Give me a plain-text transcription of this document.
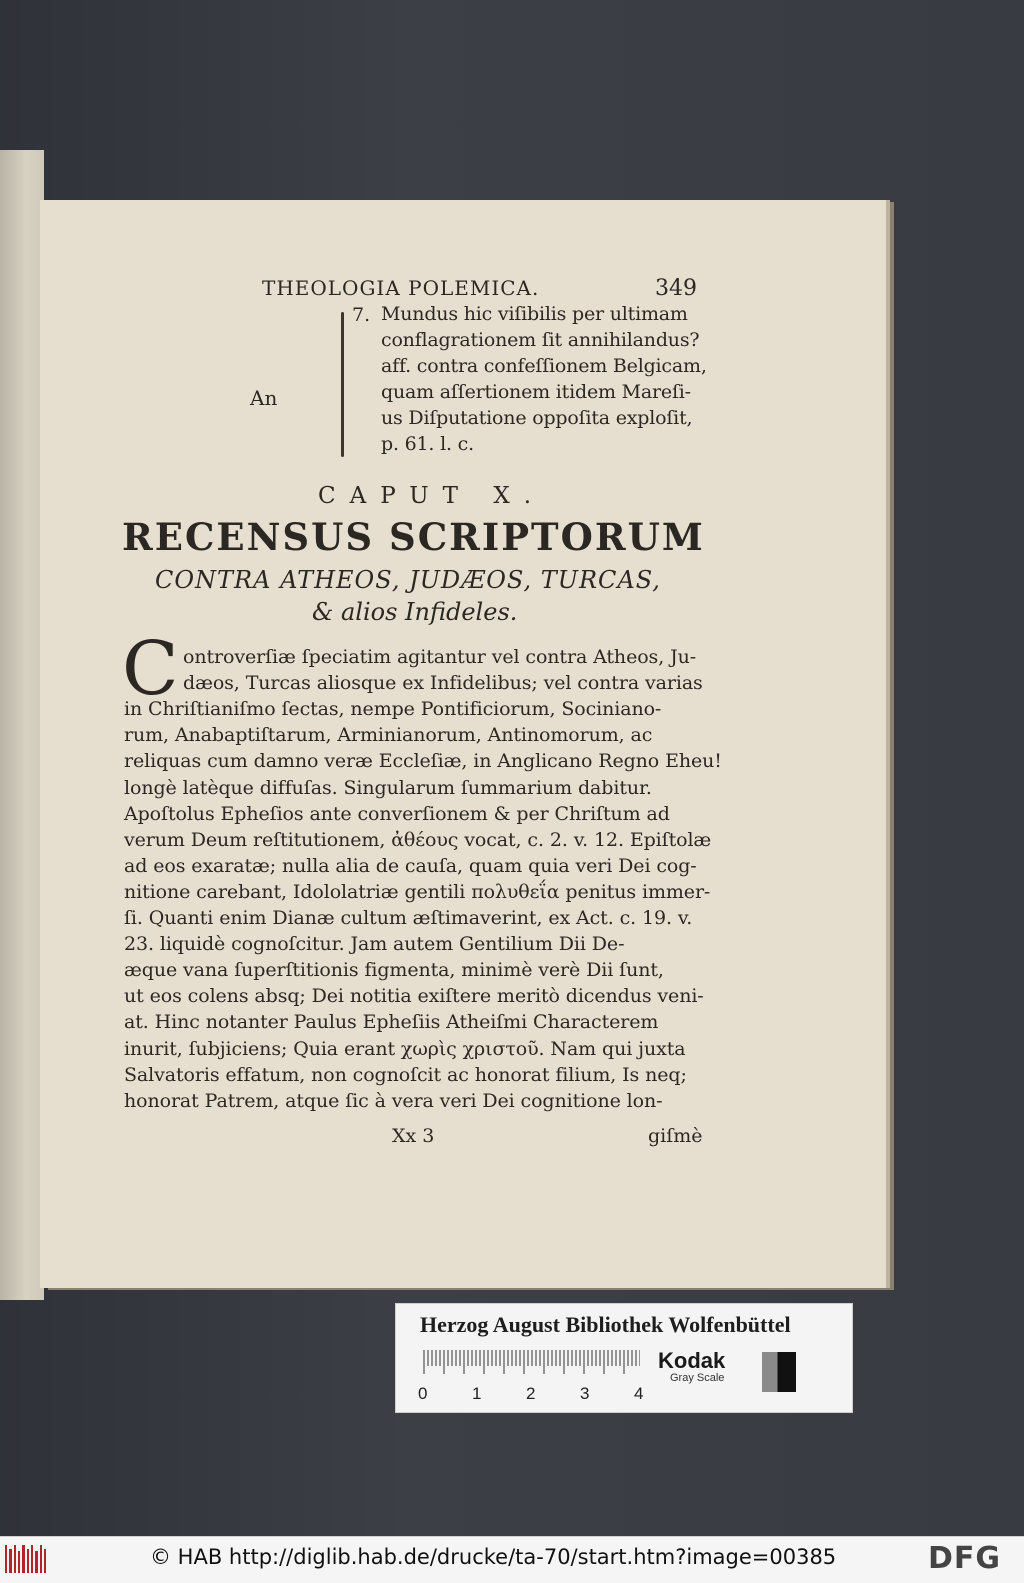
THEOLOGIA POLEMICA.	349
An
7. Mundus hic viſibilis per ultimam
conflagrationem ſit annihilandus?
aff. contra confeſſionem Belgicam,
quam aſſertionem itidem Mareſi-
us Diſputatione oppoſita exploſit,
p. 61. l. c.
CAPUT X.
RECENSUS SCRIPTORUM
CONTRA ATHEOS, JUDÆOS, TURCAS,
& alios Infideles.
C ontroverſiæ ſpeciatim agitantur vel contra Atheos, Ju-
dæos, Turcas aliosque ex Infidelibus; vel contra varias
in Chriſtianiſmo ſectas, nempe Pontificiorum, Sociniano-
rum, Anabaptiſtarum, Arminianorum, Antinomorum, ac
reliquas cum damno veræ Eccleſiæ, in Anglicano Regno Eheu!
longè latèque diffuſas. Singularum ſummarium dabitur.
Apoſtolus Epheſios ante converſionem & per Chriſtum ad
verum Deum reſtitutionem, ἀθέους vocat, c. 2. v. 12. Epiſtolæ
ad eos exaratæ; nulla alia de cauſa, quam quia veri Dei cog-
nitione carebant, Idololatriæ gentili πολυθεΐα penitus immer-
ſi. Quanti enim Dianæ cultum æſtimaverint, ex Act. c. 19. v.
23. liquidè cognoſcitur. Jam autem Gentilium Dii De-
æque vana ſuperſtitionis figmenta, minimè verè Dii ſunt,
ut eos colens absq; Dei notitia exiſtere meritò dicendus veni-
at. Hinc notanter Paulus Epheſiis Atheiſmi Characterem
inurit, ſubjiciens; Quia erant χωρὶς χριστοῦ. Nam qui juxta
Salvatoris effatum, non cognoſcit ac honorat filium, Is neq;
honorat Patrem, atque ſic à vera veri Dei cognitione lon-
Xx 3	giſmè
Herzog August Bibliothek Wolfenbüttel
0	1	2	3	4
Kodak
Gray Scale
© HAB http://diglib.hab.de/drucke/ta-70/start.htm?image=00385	DFG
